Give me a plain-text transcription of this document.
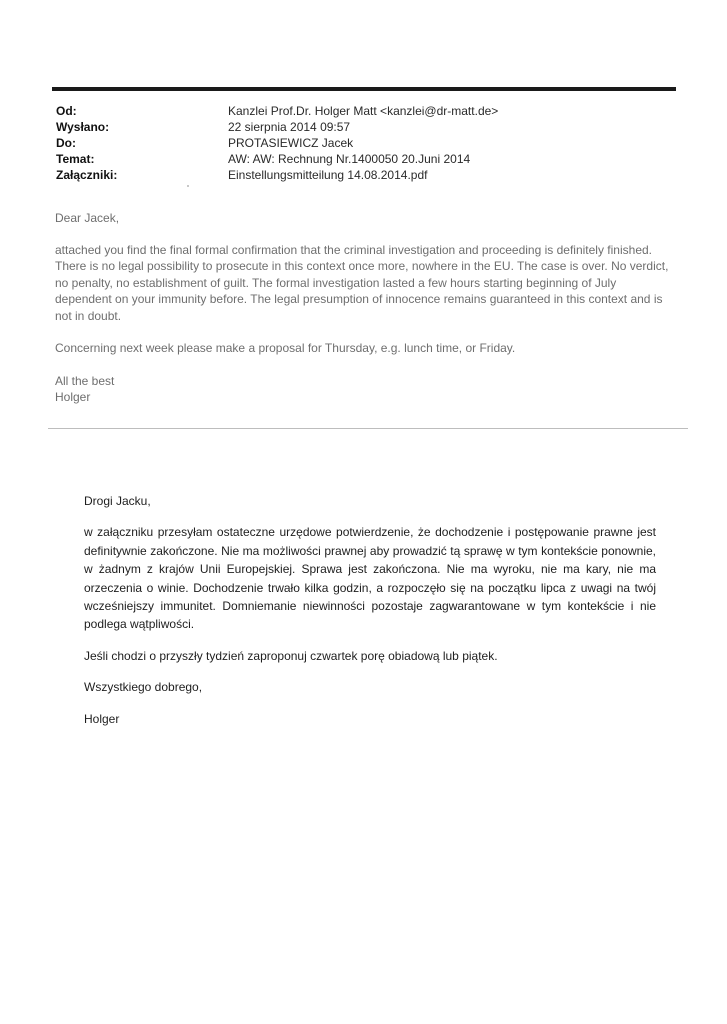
Od:	Kanzlei Prof.Dr. Holger Matt <kanzlei@dr-matt.de>
Wysłano:	22 sierpnia 2014 09:57
Do:	PROTASIEWICZ Jacek
Temat:	AW: AW: Rechnung Nr.1400050 20.Juni 2014
Załączniki:	Einstellungsmitteilung 14.08.2014.pdf

Dear Jacek,

attached you find the final formal confirmation that the criminal investigation and proceeding is definitely finished.

There is no legal possibility to prosecute in this context once more, nowhere in the EU. The case is over. No verdict,

no penalty, no establishment of guilt. The formal investigation lasted a few hours starting beginning of July

dependent on your immunity before. The legal presumption of innocence remains guaranteed in this context and is

not in doubt.

Concerning next week please make a proposal for Thursday, e.g. lunch time, or Friday.

All the best

Holger

Drogi Jacku,

w załączniku przesyłam ostateczne urzędowe potwierdzenie, że dochodzenie i postępowanie prawne jest definitywnie zakończone. Nie ma możliwości prawnej aby prowadzić tą sprawę w tym kontekście ponownie, w żadnym z krajów Unii Europejskiej. Sprawa jest zakończona. Nie ma wyroku, nie ma kary, nie ma orzeczenia o winie. Dochodzenie trwało kilka godzin, a rozpoczęło się na początku lipca z uwagi na twój wcześniejszy immunitet. Domniemanie niewinności pozostaje zagwarantowane w tym kontekście i nie podlega wątpliwości.

Jeśli chodzi o przyszły tydzień zaproponuj czwartek porę obiadową lub piątek.

Wszystkiego dobrego,

Holger
